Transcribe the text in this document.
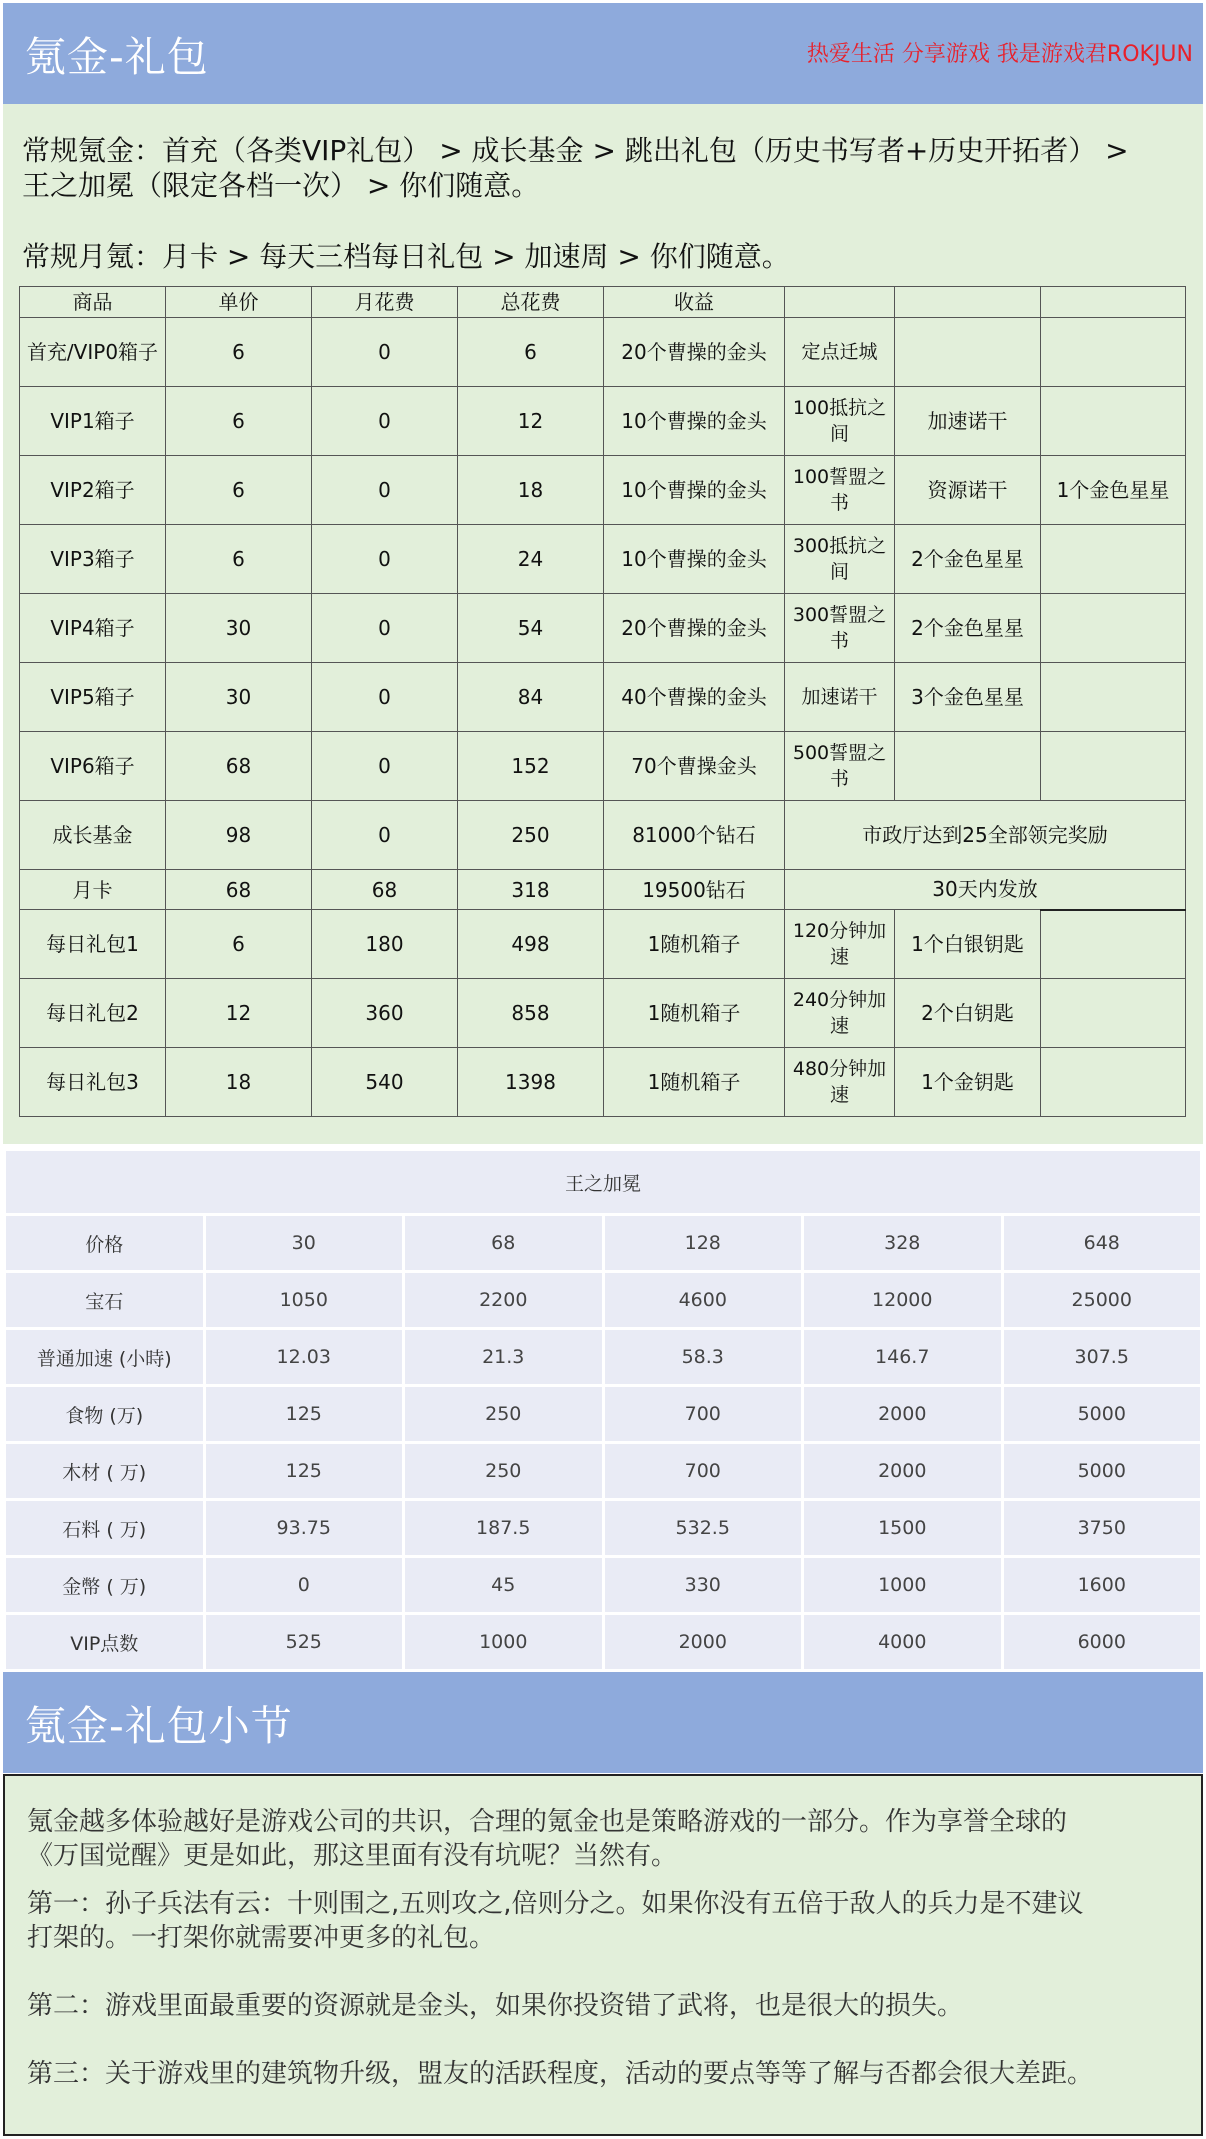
氪金-礼包	热爱生活 分享游戏 我是游戏君ROKJUN
常规氪金：首充（各类VIP礼包） > 成长基金 > 跳出礼包（历史书写者+历史开拓者） >
王之加冕（限定各档一次） > 你们随意。
常规月氪：月卡 > 每天三档每日礼包 > 加速周 > 你们随意。
商品	单价	月花费	总花费	收益			
首充/VIP0箱子	6	0	6	20个曹操的金头	定点迁城		
VIP1箱子	6	0	12	10个曹操的金头	100抵抗之间	加速诺干	
VIP2箱子	6	0	18	10个曹操的金头	100誓盟之书	资源诺干	1个金色星星
VIP3箱子	6	0	24	10个曹操的金头	300抵抗之间	2个金色星星	
VIP4箱子	30	0	54	20个曹操的金头	300誓盟之书	2个金色星星	
VIP5箱子	30	0	84	40个曹操的金头	加速诺干	3个金色星星	
VIP6箱子	68	0	152	70个曹操金头	500誓盟之书		
成长基金	98	0	250	81000个钻石	市政厅达到25全部领完奖励		
月卡	68	68	318	19500钻石	30天内发放		
每日礼包1	6	180	498	1随机箱子	120分钟加速	1个白银钥匙	
每日礼包2	12	360	858	1随机箱子	240分钟加速	2个白钥匙	
每日礼包3	18	540	1398	1随机箱子	480分钟加速	1个金钥匙	
王之加冕					
价格	30	68	128	328	648
宝石	1050	2200	4600	12000	25000
普通加速 (小時)	12.03	21.3	58.3	146.7	307.5
食物 (万)	125	250	700	2000	5000
木材 ( 万)	125	250	700	2000	5000
石料 ( 万)	93.75	187.5	532.5	1500	3750
金幣 ( 万)	0	45	330	1000	1600
VIP点数	525	1000	2000	4000	6000
氪金-礼包小节
氪金越多体验越好是游戏公司的共识，合理的氪金也是策略游戏的一部分。作为享誉全球的
《万国觉醒》更是如此，那这里面有没有坑呢？当然有。
第一：孙子兵法有云：十则围之,五则攻之,倍则分之。如果你没有五倍于敌人的兵力是不建议
打架的。一打架你就需要冲更多的礼包。
第二：游戏里面最重要的资源就是金头，如果你投资错了武将，也是很大的损失。
第三：关于游戏里的建筑物升级，盟友的活跃程度，活动的要点等等了解与否都会很大差距。
